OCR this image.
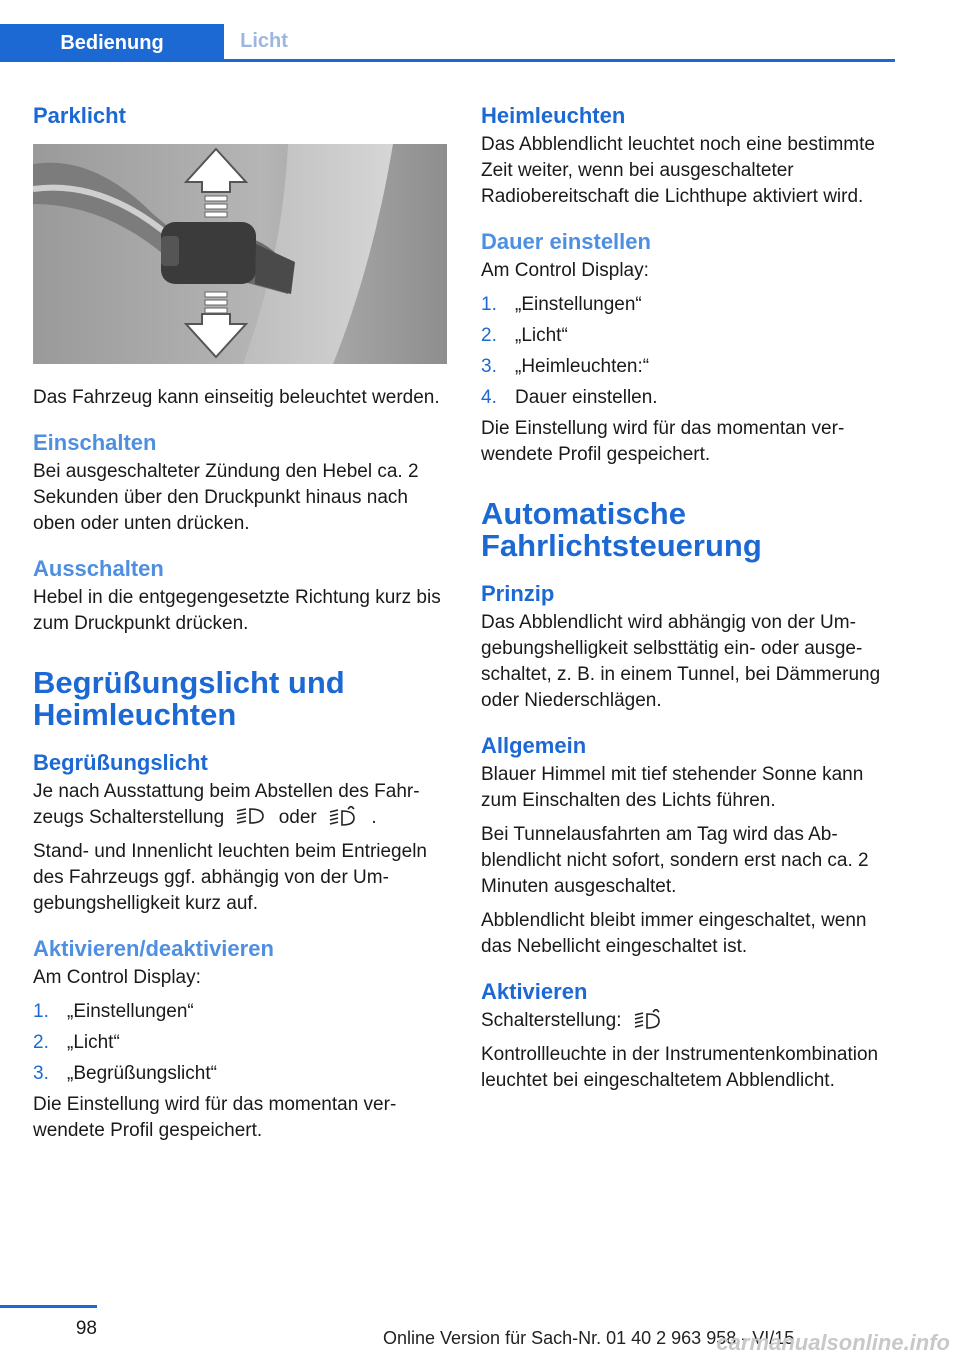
Bedienung	Licht
Parklicht

Das Fahrzeug kann einseitig beleuchtet werden.

Einschalten

Bei ausgeschalteter Zündung den Hebel ca. 2 Sekunden über den Druckpunkt hinaus nach oben oder unten drücken.

Ausschalten

Hebel in die entgegengesetzte Richtung kurz bis zum Druckpunkt drücken.

Begrüßungslicht und Heimleuchten
Begrüßungslicht

Je nach Ausstattung beim Abstellen des Fahrzeugs Schalterstellung	oder	.

Stand- und Innenlicht leuchten beim Entriegeln des Fahrzeugs ggf. abhängig von der Umgebungshelligkeit kurz auf.

Aktivieren/deaktivieren

Am Control Display:

1. „Einstellungen“
2. „Licht“
3. „Begrüßungslicht“

Die Einstellung wird für das momentan verwendete Profil gespeichert.

Heimleuchten

Das Abblendlicht leuchtet noch eine bestimmte Zeit weiter, wenn bei ausgeschalteter Radiobereitschaft die Lichthupe aktiviert wird.

Dauer einstellen

Am Control Display:

1. „Einstellungen“
2. „Licht“
3. „Heimleuchten:“
4. Dauer einstellen.

Die Einstellung wird für das momentan verwendete Profil gespeichert.

Automatische Fahrlichtsteuerung
Prinzip

Das Abblendlicht wird abhängig von der Umgebungshelligkeit selbsttätig ein- oder ausgeschaltet, z. B. in einem Tunnel, bei Dämmerung oder Niederschlägen.

Allgemein

Blauer Himmel mit tief stehender Sonne kann zum Einschalten des Lichts führen.

Bei Tunnelausfahrten am Tag wird das Abblendlicht nicht sofort, sondern erst nach ca. 2 Minuten ausgeschaltet.

Abblendlicht bleibt immer eingeschaltet, wenn das Nebellicht eingeschaltet ist.

Aktivieren

Schalterstellung:

Kontrollleuchte in der Instrumentenkombination leuchtet bei eingeschaltetem Abblendlicht.

98	Online Version für Sach-Nr. 01 40 2 963 958 - VI/15
carmanualsonline.info
